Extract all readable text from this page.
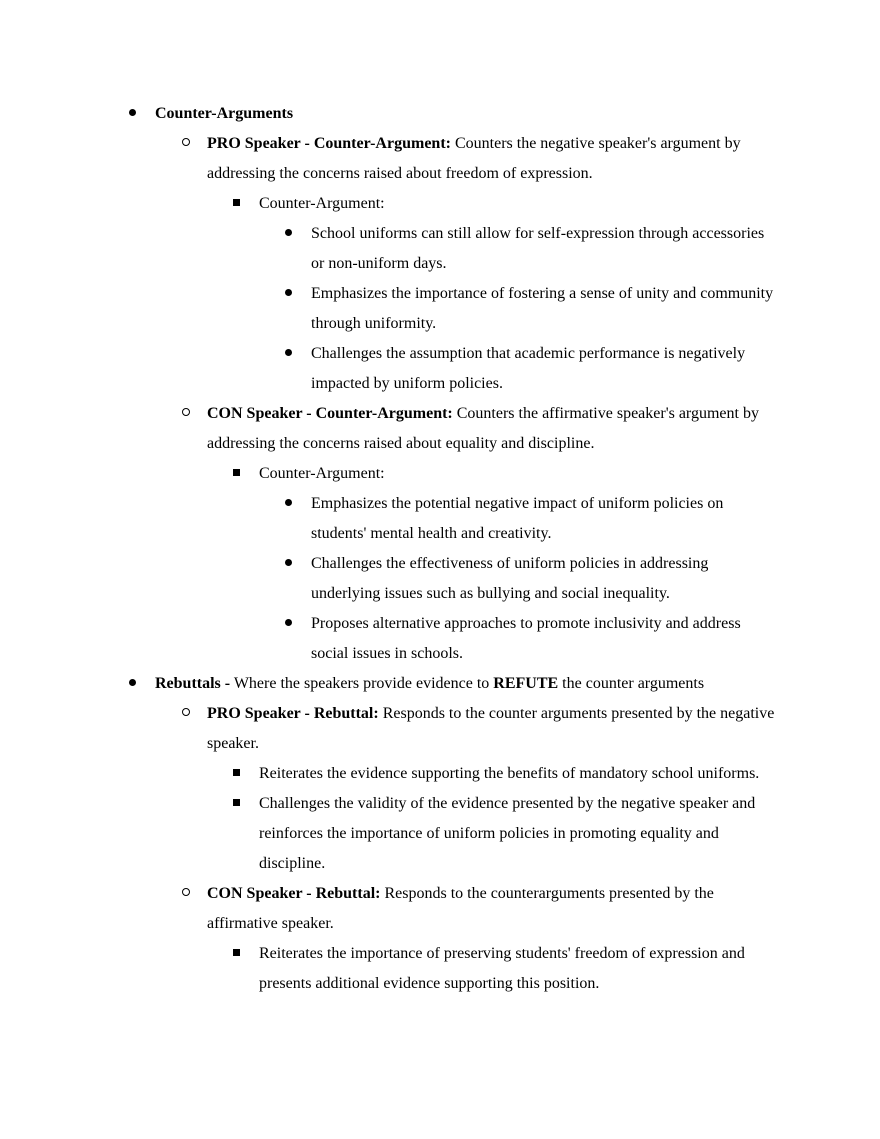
Counter-Arguments
PRO Speaker - Counter-Argument: Counters the negative speaker's argument by addressing the concerns raised about freedom of expression.
Counter-Argument:
School uniforms can still allow for self-expression through accessories or non-uniform days.
Emphasizes the importance of fostering a sense of unity and community through uniformity.
Challenges the assumption that academic performance is negatively impacted by uniform policies.
CON Speaker - Counter-Argument: Counters the affirmative speaker's argument by addressing the concerns raised about equality and discipline.
Counter-Argument:
Emphasizes the potential negative impact of uniform policies on students' mental health and creativity.
Challenges the effectiveness of uniform policies in addressing underlying issues such as bullying and social inequality.
Proposes alternative approaches to promote inclusivity and address social issues in schools.
Rebuttals - Where the speakers provide evidence to REFUTE the counter arguments
PRO Speaker - Rebuttal: Responds to the counter arguments presented by the negative speaker.
Reiterates the evidence supporting the benefits of mandatory school uniforms.
Challenges the validity of the evidence presented by the negative speaker and reinforces the importance of uniform policies in promoting equality and discipline.
CON Speaker - Rebuttal: Responds to the counterarguments presented by the affirmative speaker.
Reiterates the importance of preserving students' freedom of expression and presents additional evidence supporting this position.
